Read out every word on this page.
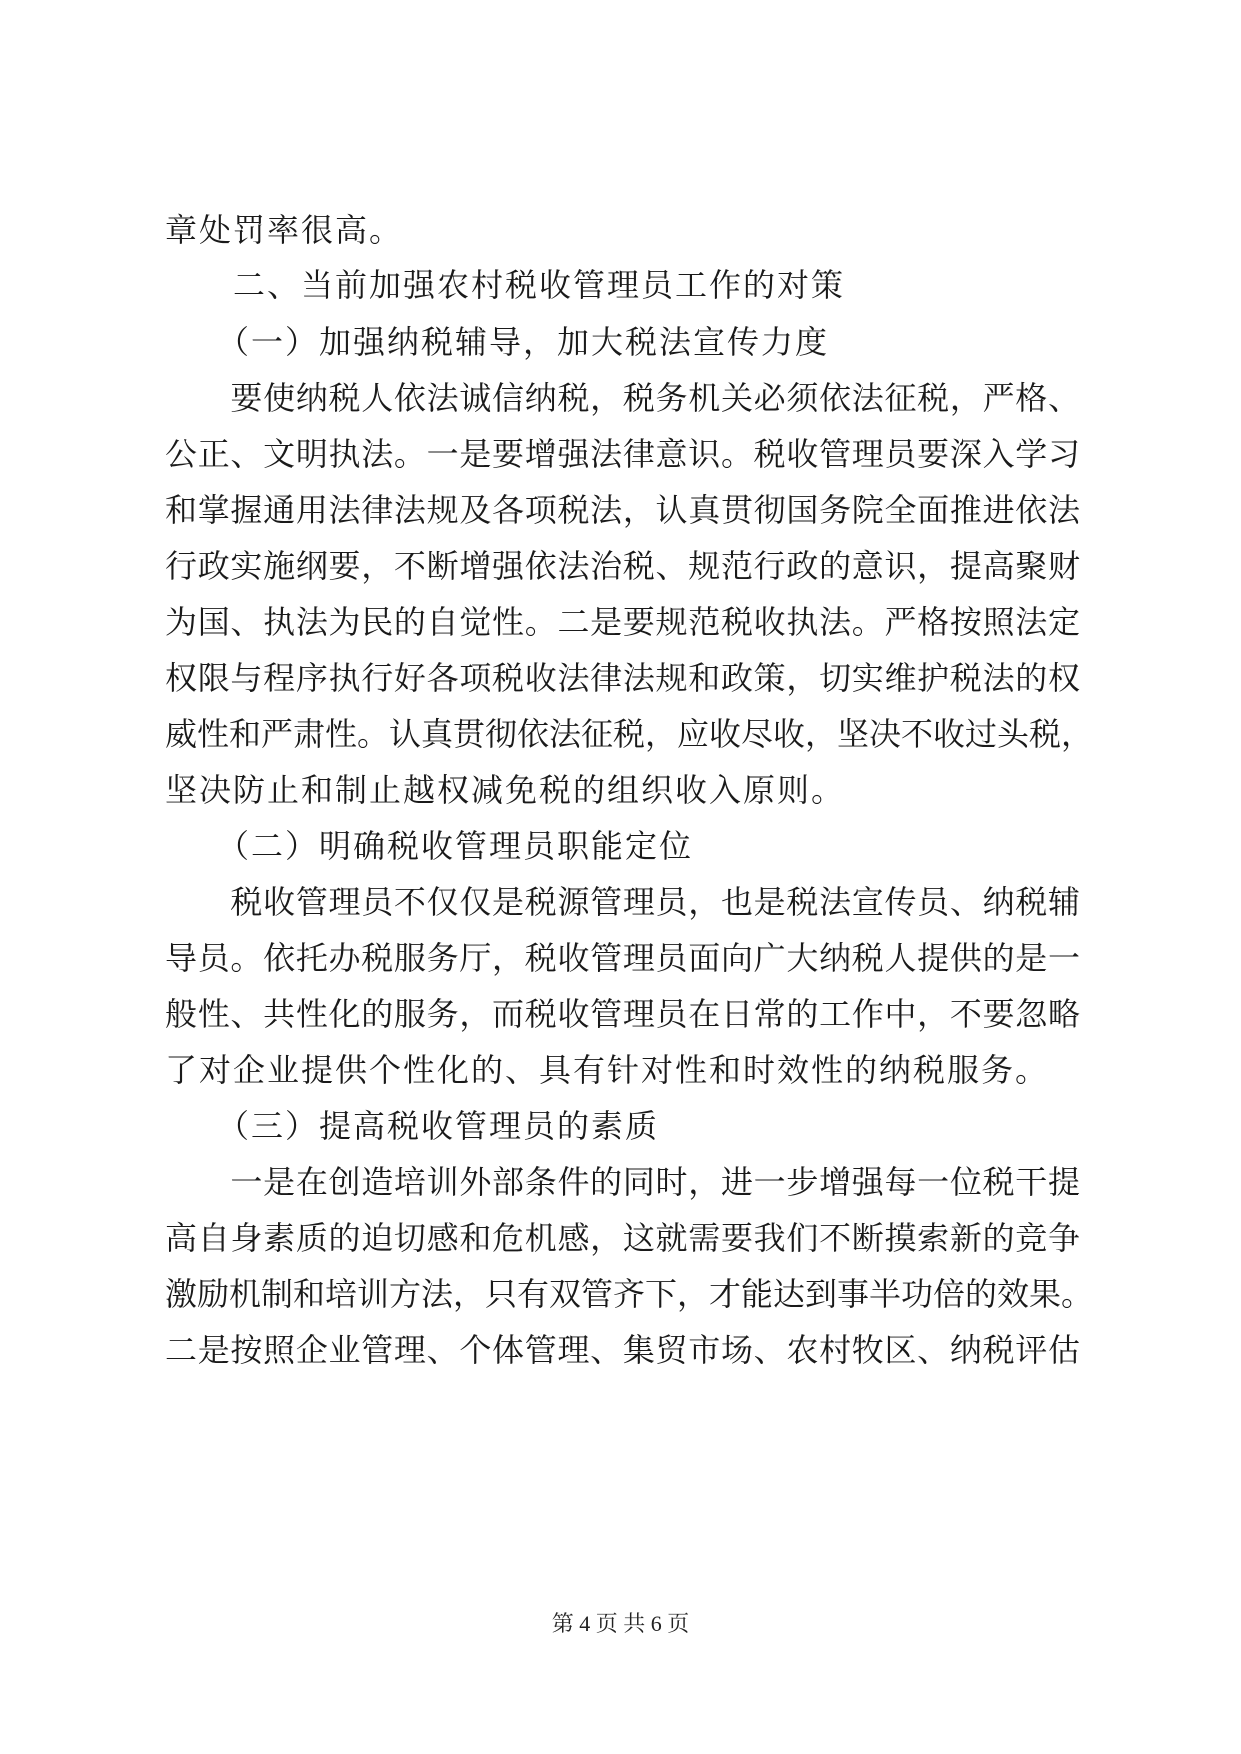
章处罚率很高。
　　二、当前加强农村税收管理员工作的对策
　　（一）加强纳税辅导，加大税法宣传力度
　　要使纳税人依法诚信纳税，税务机关必须依法征税，严格、
公正、文明执法。一是要增强法律意识。税收管理员要深入学习
和掌握通用法律法规及各项税法，认真贯彻国务院全面推进依法
行政实施纲要，不断增强依法治税、规范行政的意识，提高聚财
为国、执法为民的自觉性。二是要规范税收执法。严格按照法定
权限与程序执行好各项税收法律法规和政策，切实维护税法的权
威性和严肃性。认真贯彻依法征税，应收尽收，坚决不收过头税，
坚决防止和制止越权减免税的组织收入原则。
　　（二）明确税收管理员职能定位
　　税收管理员不仅仅是税源管理员，也是税法宣传员、纳税辅
导员。依托办税服务厅，税收管理员面向广大纳税人提供的是一
般性、共性化的服务，而税收管理员在日常的工作中，不要忽略
了对企业提供个性化的、具有针对性和时效性的纳税服务。
　　（三）提高税收管理员的素质
　　一是在创造培训外部条件的同时，进一步增强每一位税干提
高自身素质的迫切感和危机感，这就需要我们不断摸索新的竞争
激励机制和培训方法，只有双管齐下，才能达到事半功倍的效果。
二是按照企业管理、个体管理、集贸市场、农村牧区、纳税评估
第 4 页 共 6 页
